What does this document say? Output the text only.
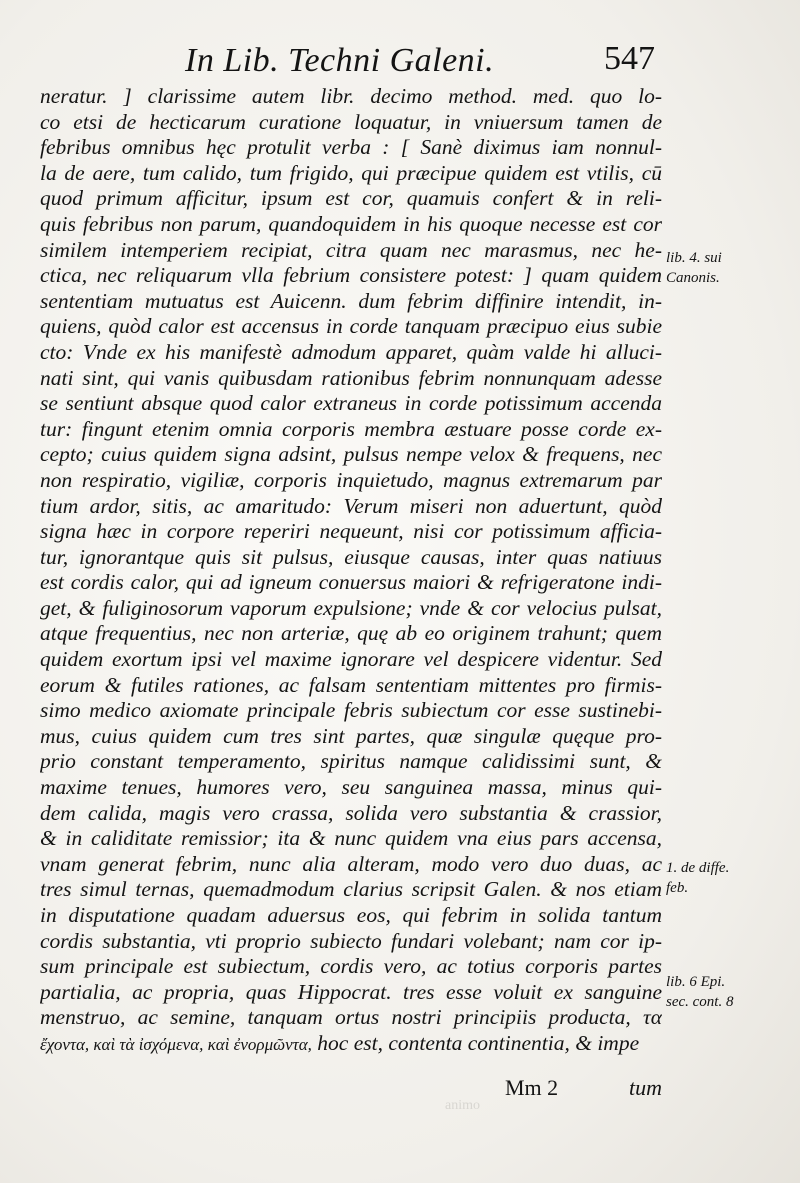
In Lib. Techni Galeni.	547
neratur. ] clarissime autem libr. decimo method. med. quo lo-
co etsi de hecticarum curatione loquatur, in vniuersum tamen de
febribus omnibus hęc protulit verba : [ Sanè diximus iam nonnul-
la de aere, tum calido, tum frigido, qui præcipue quidem est vtilis, cū
quod primum afficitur, ipsum est cor, quamuis confert & in reli-
quis febribus non parum, quandoquidem in his quoque necesse est cor
similem intemperiem recipiat, citra quam nec marasmus, nec he-
ctica, nec reliquarum vlla febrium consistere potest: ] quam quidem
sententiam mutuatus est Auicenn. dum febrim diffinire intendit, in-
quiens, quòd calor est accensus in corde tanquam præcipuo eius subie
cto: Vnde ex his manifestè admodum apparet, quàm valde hi alluci-
nati sint, qui vanis quibusdam rationibus febrim nonnunquam adesse
se sentiunt absque quod calor extraneus in corde potissimum accenda
tur: fingunt etenim omnia corporis membra æstuare posse corde ex-
cepto; cuius quidem signa adsint, pulsus nempe velox & frequens, nec
non respiratio, vigiliæ, corporis inquietudo, magnus extremarum par
tium ardor, sitis, ac amaritudo: Verum miseri non aduertunt, quòd
signa hæc in corpore reperiri nequeunt, nisi cor potissimum afficia-
tur, ignorantque quis sit pulsus, eiusque causas, inter quas natiuus
est cordis calor, qui ad igneum conuersus maiori & refrigeratone indi-
get, & fuliginosorum vaporum expulsione; vnde & cor velocius pulsat,
atque frequentius, nec non arteriæ, quę ab eo originem trahunt; quem
quidem exortum ipsi vel maxime ignorare vel despicere videntur. Sed
eorum & futiles rationes, ac falsam sententiam mittentes pro firmis-
simo medico axiomate principale febris subiectum cor esse sustinebi-
mus, cuius quidem cum tres sint partes, quæ singulæ quęque pro-
prio constant temperamento, spiritus namque calidissimi sunt, &
maxime tenues, humores vero, seu sanguinea massa, minus qui-
dem calida, magis vero crassa, solida vero substantia & crassior,
& in caliditate remissior; ita & nunc quidem vna eius pars accensa,
vnam generat febrim, nunc alia alteram, modo vero duo duas, ac
tres simul ternas, quemadmodum clarius scripsit Galen. & nos etiam
in disputatione quadam aduersus eos, qui febrim in solida tantum
cordis substantia, vti proprio subiecto fundari volebant; nam cor ip-
sum principale est subiectum, cordis vero, ac totius corporis partes
partialia, ac propria, quas Hippocrat. tres esse voluit ex sanguine
menstruo, ac semine, tanquam ortus nostri principiis producta, τα
ἔχοντα, καὶ τὰ ἰσχόμενα, καὶ ἐνορμῶντα, hoc est, contenta continentia, & impe
Mm 2	tum
lib. 4. sui
Canonis.
1. de diffe.
feb.
lib. 6 Epi.
sec. cont. 8
animo
